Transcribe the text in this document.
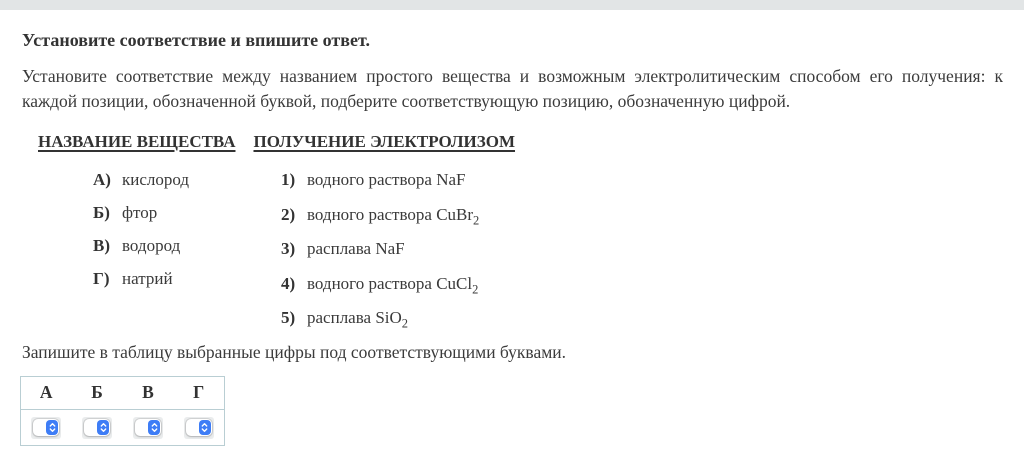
Установите соответствие и впишите ответ.
Установите соответствие между названием простого вещества и возможным электролитическим способом его получения: к каждой позиции, обозначенной буквой, подберите соответствующую позицию, обозначенную цифрой.
НАЗВАНИЕ ВЕЩЕСТВА ПОЛУЧЕНИЕ ЭЛЕКТРОЛИЗОМ
А) кислород
Б) фтор
В) водород
Г) натрий
1) водного раствора NaF
2) водного раствора CuBr$_2$
3) расплава NaF
4) водного раствора CuCl$_2$
5) расплава SiO$_2$
Запишите в таблицу выбранные цифры под соответствующими буквами.
А	Б	В	Г
